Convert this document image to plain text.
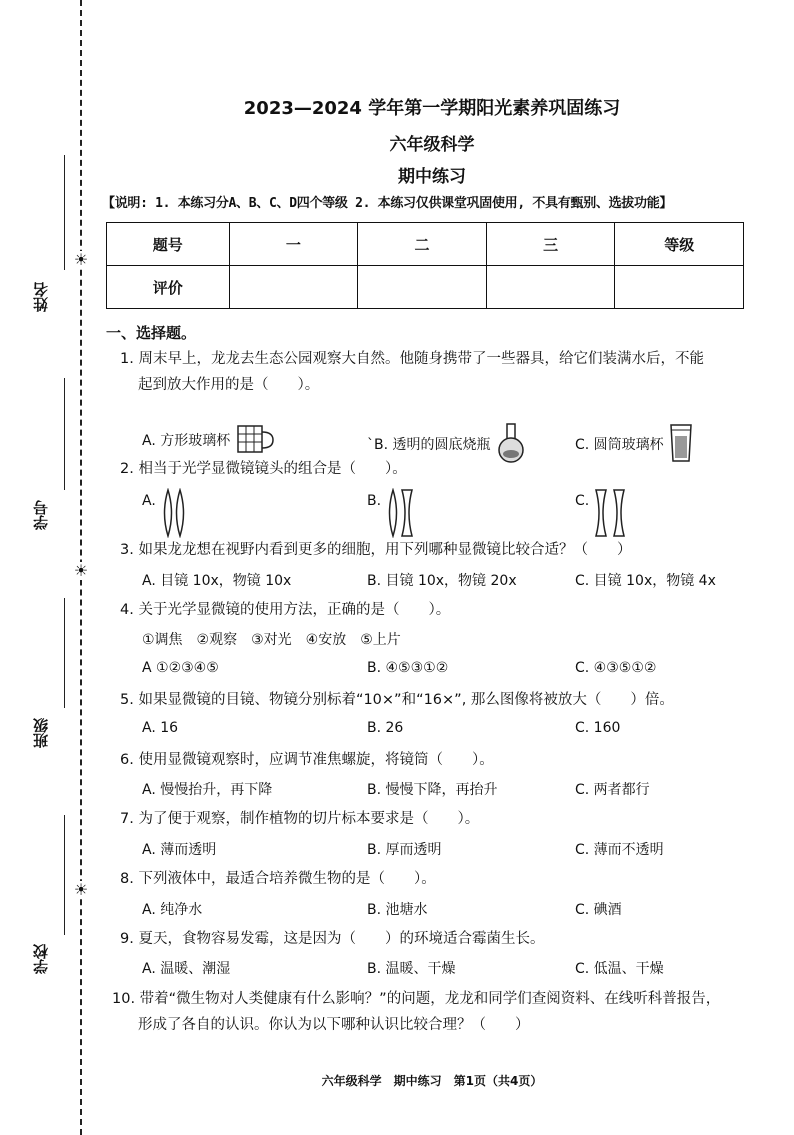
姓名
学号
班级
学校
☀
☀
☀
2023—2024 学年第一学期阳光素养巩固练习
六年级科学
期中练习
【说明: 1. 本练习分A、B、C、D四个等级 2. 本练习仅供课堂巩固使用, 不具有甄别、选拔功能】
题号	一	二	三	等级
评价				
一、选择题。
1. 周末早上，龙龙去生态公园观察大自然。他随身携带了一些器具，给它们装满水后，不能
起到放大作用的是（　　）。
A. 方形玻璃杯	`B. 透明的圆底烧瓶	C. 圆筒玻璃杯
2. 相当于光学显微镜镜头的组合是（　　）。
A.	B.	C.
3. 如果龙龙想在视野内看到更多的细胞，用下列哪种显微镜比较合适？（　　）
A. 目镜 10x，物镜 10x	B. 目镜 10x，物镜 20x	C. 目镜 10x，物镜 4x
4. 关于光学显微镜的使用方法，正确的是（　　）。
①调焦　②观察　③对光　④安放　⑤上片
A ①②③④⑤	B. ④⑤③①②	C. ④③⑤①②
5. 如果显微镜的目镜、物镜分别标着“10×”和“16×”, 那么图像将被放大（　　）倍。
A. 16	B. 26	C. 160
6. 使用显微镜观察时，应调节准焦螺旋，将镜筒（　　）。
A. 慢慢抬升，再下降	B. 慢慢下降，再抬升	C. 两者都行
7. 为了便于观察，制作植物的切片标本要求是（　　）。
A. 薄而透明	B. 厚而透明	C. 薄而不透明
8. 下列液体中，最适合培养微生物的是（　　）。
A. 纯净水	B. 池塘水	C. 碘酒
9. 夏天，食物容易发霉，这是因为（　　）的环境适合霉菌生长。
A. 温暖、潮湿	B. 温暖、干燥	C. 低温、干燥
10. 带着“微生物对人类健康有什么影响？”的问题，龙龙和同学们查阅资料、在线听科普报告，
形成了各自的认识。你认为以下哪种认识比较合理？（　　）
六年级科学　期中练习　第1页（共4页）
